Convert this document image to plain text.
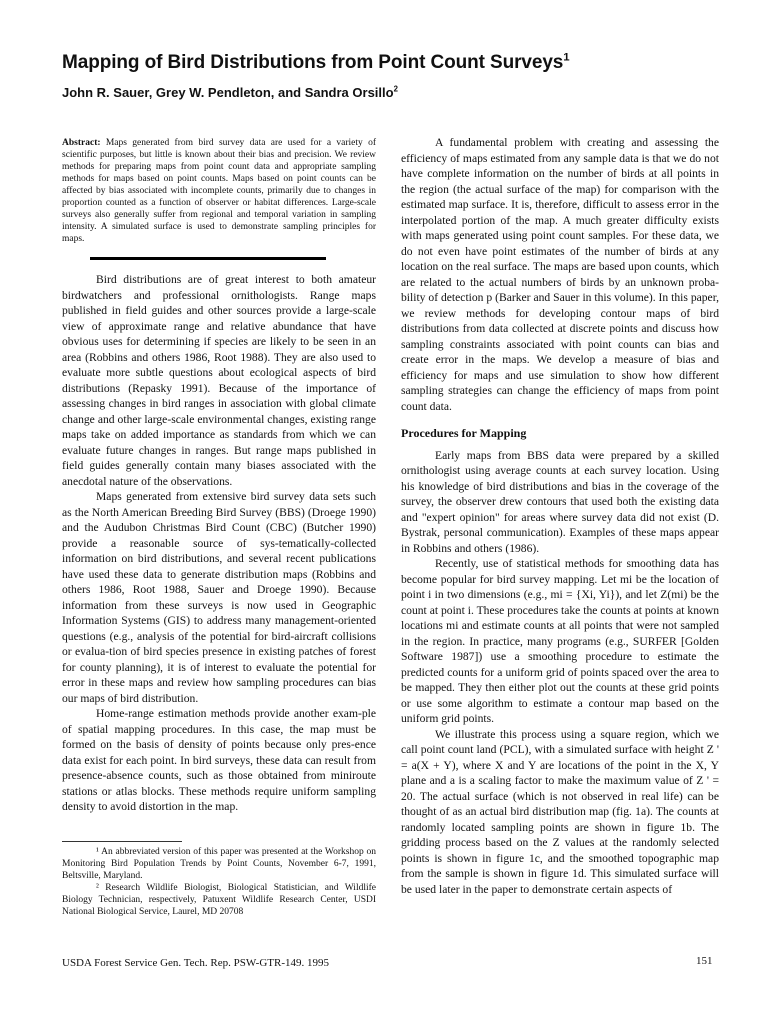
Mapping of Bird Distributions from Point Count Surveys$^1$
John R. Sauer, Grey W. Pendleton, and Sandra Orsillo$^2$
Abstract: Maps generated from bird survey data are used for a variety of scientific purposes, but little is known about their bias and precision. We review methods for preparing maps from point count data and appropriate sampling methods for maps based on point counts. Maps based on point counts can be affected by bias associated with incomplete counts, primarily due to changes in proportion counted as a function of observer or habitat differences. Large-scale surveys also generally suffer from regional and temporal variation in sampling intensity. A simulated surface is used to demonstrate sampling principles for maps.

Bird distributions are of great interest to both amateur birdwatchers and professional ornithologists. Range maps published in field guides and other sources provide a large-scale view of approximate range and relative abundance that have obvious uses for determining if species are likely to be seen in an area (Robbins and others 1986, Root 1988). They are also used to evaluate more subtle questions about ecological aspects of bird distributions (Repasky 1991). Because of the importance of assessing changes in bird ranges in association with global climate change and other large-scale environmental changes, existing range maps take on added importance as standards from which we can evaluate future changes in ranges. But range maps published in field guides generally contain many biases associated with the anecdotal nature of the observations.

Maps generated from extensive bird survey data sets such as the North American Breeding Bird Survey (BBS) (Droege 1990) and the Audubon Christmas Bird Count (CBC) (Butcher 1990) provide a reasonable source of sys-tematically-collected information on bird distributions, and several recent publications have used these data to generate distribution maps (Robbins and others 1986, Root 1988, Sauer and Droege 1990). Because information from these surveys is now used in Geographic Information Systems (GIS) to address many management-oriented questions (e.g., analysis of the potential for bird-aircraft collisions or evalua-tion of bird species presence in existing patches of forest for county planning), it is of interest to evaluate the potential for error in these maps and review how sampling procedures can bias our maps of bird distribution.

Home-range estimation methods provide another exam-ple of spatial mapping procedures. In this case, the map must be formed on the basis of density of points because only pres-ence data exist for each point. In bird surveys, these data can result from presence-absence counts, such as those obtained from miniroute stations or atlas blocks. These methods require uniform sampling density to avoid distortion in the map.

¹ An abbreviated version of this paper was presented at the Workshop on Monitoring Bird Population Trends by Point Counts, November 6-7, 1991, Beltsville, Maryland.

² Research Wildlife Biologist, Biological Statistician, and Wildlife Biology Technician, respectively, Patuxent Wildlife Research Center, USDI National Biological Service, Laurel, MD 20708

A fundamental problem with creating and assessing the efficiency of maps estimated from any sample data is that we do not have complete information on the number of birds at all points in the region (the actual surface of the map) for comparison with the estimated map surface. It is, therefore, difficult to assess error in the interpolated portion of the map. A much greater difficulty exists with maps generated using point count samples. For these data, we do not even have point estimates of the number of birds at any location on the real surface. The maps are based upon counts, which are related to the actual numbers of birds by an unknown proba-bility of detection p (Barker and Sauer in this volume). In this paper, we review methods for developing contour maps of bird distributions from data collected at discrete points and discuss how sampling constraints associated with point counts can bias and create error in the maps. We develop a measure of bias and efficiency for maps and use simulation to show how different sampling strategies can change the efficiency of maps from point count data.

Procedures for Mapping

Early maps from BBS data were prepared by a skilled ornithologist using average counts at each survey location. Using his knowledge of bird distributions and bias in the coverage of the survey, the observer drew contours that used both the existing data and "expert opinion" for areas where survey data did not exist (D. Bystrak, personal communication). Examples of these maps appear in Robbins and others (1986).

Recently, use of statistical methods for smoothing data has become popular for bird survey mapping. Let mi be the location of point i in two dimensions (e.g., mi = {Xi, Yi}), and let Z(mi) be the count at point i. These procedures take the counts at points at known locations mi and estimate counts at all points that were not sampled in the region. In practice, many programs (e.g., SURFER [Golden Software 1987]) use a smoothing procedure to estimate the predicted counts for a uniform grid of points spaced over the area to be mapped. They then either plot out the counts at these grid points or use some algorithm to estimate a contour map based on the uniform grid points.

We illustrate this process using a square region, which we call point count land (PCL), with a simulated surface with height Z ' = a(X + Y), where X and Y are locations of the point in the X, Y plane and a is a scaling factor to make the maximum value of Z ' = 20. The actual surface (which is not observed in real life) can be thought of as an actual bird distribution map (fig. 1a). The counts at randomly located sampling points are shown in figure 1b. The gridding process based on the Z values at the randomly selected points is shown in figure 1c, and the smoothed topographic map from the sample is shown in figure 1d. This simulated surface will be used later in the paper to demonstrate certain aspects of

USDA Forest Service Gen. Tech. Rep. PSW-GTR-149. 1995	151
